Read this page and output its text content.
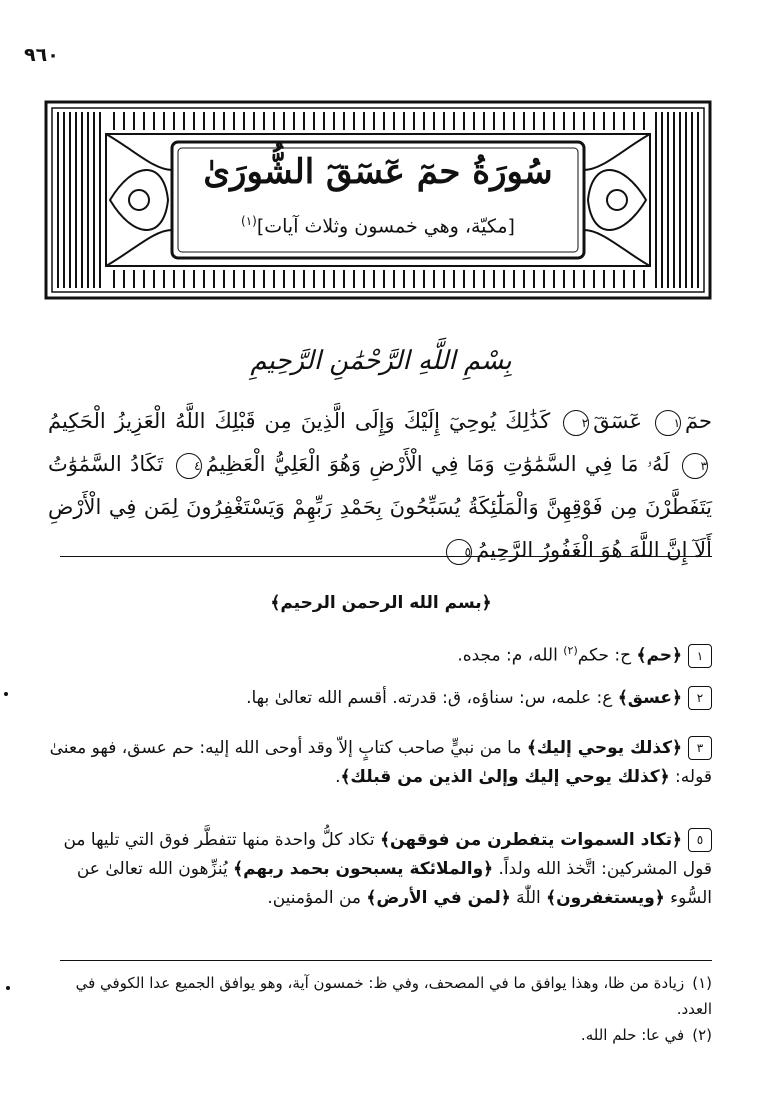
٩٦٠
سُورَةُ حمٓ عٓسٓقٓ الشُّورَىٰ
[مكيّة، وهي خمسون وثلاث آيات]$^{(١)}$
بِسْمِ اللَّهِ الرَّحْمَٰنِ الرَّحِيمِ
حمٓ١ عٓسٓقٓ٢ كَذَٰلِكَ يُوحِيٓ إِلَيْكَ وَإِلَى الَّذِينَ مِن قَبْلِكَ اللَّهُ الْعَزِيزُ الْحَكِيمُ٣ لَهُۥ مَا فِي السَّمَٰوَٰتِ وَمَا فِي الْأَرْضِ وَهُوَ الْعَلِيُّ الْعَظِيمُ٤ تَكَادُ السَّمَٰوَٰتُ يَتَفَطَّرْنَ مِن فَوْقِهِنَّ وَالْمَلَٰٓئِكَةُ يُسَبِّحُونَ بِحَمْدِ رَبِّهِمْ وَيَسْتَغْفِرُونَ لِمَن فِي الْأَرْضِ أَلَآ إِنَّ اللَّهَ هُوَ الْغَفُورُ الرَّحِيمُ٥
﴿بسم الله الرحمن الرحيم﴾
١﴿حم﴾ ح: حكم$^{(٢)}$ الله، م: مجده.
٢﴿عسق﴾ ع: علمه، س: سناؤه، ق: قدرته. أقسم الله تعالىٰ بها.
٣﴿كذلك يوحي إليك﴾ ما من نبيٍّ صاحب كتابٍ إلاّ وقد أوحى الله إليه: حم عسق، فهو معنىٰ قوله: ﴿كذلك يوحي إليك وإلىٰ الذين من قبلك﴾.
٥﴿تكاد السموات يتفطرن من فوقهن﴾ تكاد كلُّ واحدة منها تتفطَّر فوق التي تليها من قول المشركين: اتَّخذ الله ولداً. ﴿والملائكة يسبحون بحمد ربهم﴾ يُنزِّهون الله تعالىٰ عن السُّوء ﴿ويستغفرون﴾ اللّٰهَ ﴿لمن في الأرض﴾ من المؤمنين.
(١)زيادة من ظا، وهذا يوافق ما في المصحف، وفي ظ: خمسون آية، وهو يوافق الجميع عدا الكوفي في العدد.
(٢)في عا: حلم الله.
